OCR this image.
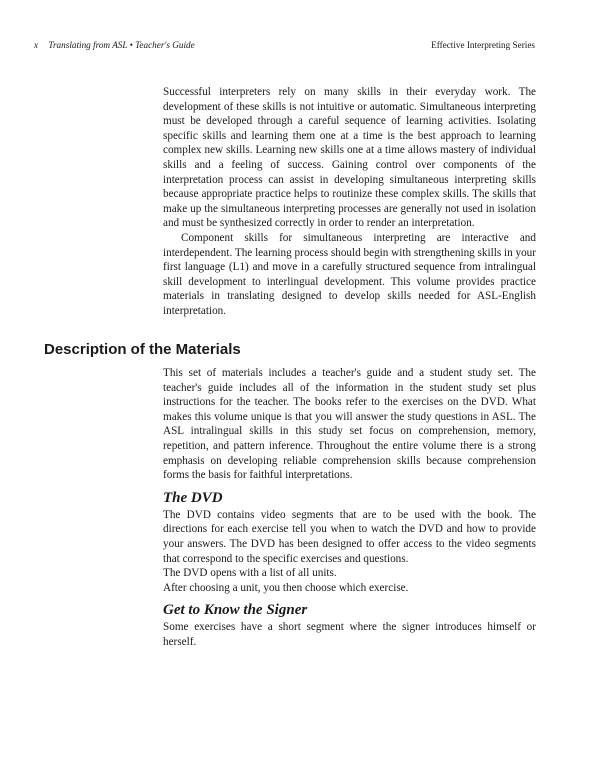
x Translating from ASL • Teacher's Guide	Effective Interpreting Series

Successful interpreters rely on many skills in their everyday work. The development of these skills is not intuitive or automatic. Simultaneous interpreting must be developed through a careful sequence of learning activities. Isolating specific skills and learning them one at a time is the best approach to learning complex new skills. Learning new skills one at a time allows mastery of individual skills and a feeling of success. Gaining control over components of the interpretation process can assist in developing simultaneous interpreting skills because appropriate practice helps to routinize these complex skills. The skills that make up the simultaneous interpreting processes are generally not used in isolation and must be synthesized correctly in order to render an interpretation.

Component skills for simultaneous interpreting are interactive and interdependent. The learning process should begin with strengthening skills in your first language (L1) and move in a carefully structured sequence from intralingual skill development to interlingual development. This volume provides practice materials in translating designed to develop skills needed for ASL-English interpretation.

Description of the Materials

This set of materials includes a teacher's guide and a student study set. The teacher's guide includes all of the information in the student study set plus instructions for the teacher. The books refer to the exercises on the DVD. What makes this volume unique is that you will answer the study questions in ASL. The ASL intralingual skills in this study set focus on comprehension, memory, repetition, and pattern inference. Throughout the entire volume there is a strong emphasis on developing reliable comprehension skills because comprehension forms the basis for faithful interpretations.

The DVD

The DVD contains video segments that are to be used with the book. The directions for each exercise tell you when to watch the DVD and how to provide your answers. The DVD has been designed to offer access to the video segments that correspond to the specific exercises and questions.

The DVD opens with a list of all units.

After choosing a unit, you then choose which exercise.

Get to Know the Signer

Some exercises have a short segment where the signer introduces himself or herself.
